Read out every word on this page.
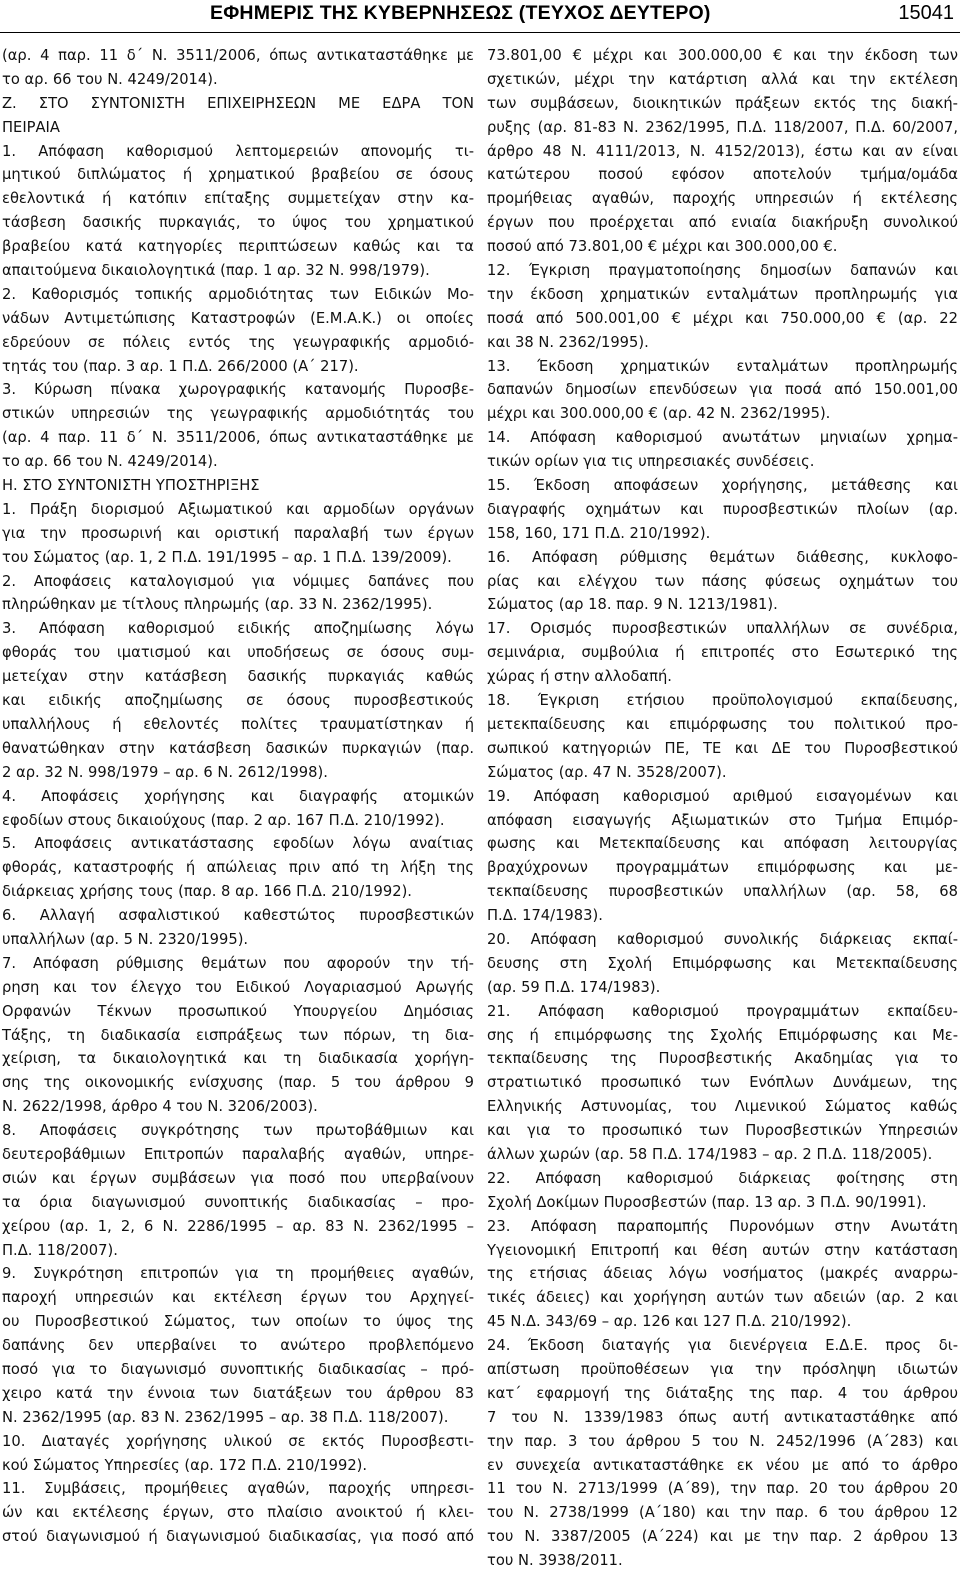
ΕΦΗΜΕΡΙΣ ΤΗΣ ΚΥΒΕΡΝΗΣΕΩΣ (ΤΕΥΧΟΣ ΔΕΥΤΕΡΟ)	15041
(αρ. 4 παρ. 11 δ΄ Ν. 3511/2006, όπως αντικαταστάθηκε με
το αρ. 66 του Ν. 4249/2014).
Ζ. ΣΤΟ ΣΥΝΤΟΝΙΣΤΗ ΕΠΙΧΕΙΡΗΣΕΩΝ ΜΕ ΕΔΡΑ ΤΟΝ
ΠΕΙΡΑΙΑ
1. Απόφαση καθορισμού λεπτομερειών απονομής τι-
μητικού διπλώματος ή χρηματικού βραβείου σε όσους
εθελοντικά ή κατόπιν επίταξης συμμετείχαν στην κα-
τάσβεση δασικής πυρκαγιάς, το ύψος του χρηματικού
βραβείου κατά κατηγορίες περιπτώσεων καθώς και τα
απαιτούμενα δικαιολογητικά (παρ. 1 αρ. 32 Ν. 998/1979).
2. Καθορισμός τοπικής αρμοδιότητας των Ειδικών Μο-
νάδων Αντιμετώπισης Καταστροφών (Ε.Μ.Α.Κ.) οι οποίες
εδρεύουν σε πόλεις εντός της γεωγραφικής αρμοδιό-
τητάς του (παρ. 3 αρ. 1 Π.Δ. 266/2000 (Α΄ 217).
3. Κύρωση πίνακα χωρογραφικής κατανομής Πυροσβε-
στικών υπηρεσιών της γεωγραφικής αρμοδιότητάς του
(αρ. 4 παρ. 11 δ΄ Ν. 3511/2006, όπως αντικαταστάθηκε με
το αρ. 66 του Ν. 4249/2014).
Η. ΣΤΟ ΣΥΝΤΟΝΙΣΤΗ ΥΠΟΣΤΗΡΙΞΗΣ
1. Πράξη διορισμού Αξιωματικού και αρμοδίων οργάνων
για την προσωρινή και οριστική παραλαβή των έργων
του Σώματος (αρ. 1, 2 Π.Δ. 191/1995 – αρ. 1 Π.Δ. 139/2009).
2. Αποφάσεις καταλογισμού για νόμιμες δαπάνες που
πληρώθηκαν με τίτλους πληρωμής (αρ. 33 Ν. 2362/1995).
3. Απόφαση καθορισμού ειδικής αποζημίωσης λόγω
φθοράς του ιματισμού και υποδήσεως σε όσους συμ-
μετείχαν στην κατάσβεση δασικής πυρκαγιάς καθώς
και ειδικής αποζημίωσης σε όσους πυροσβεστικούς
υπαλλήλους ή εθελοντές πολίτες τραυματίστηκαν ή
θανατώθηκαν στην κατάσβεση δασικών πυρκαγιών (παρ.
2 αρ. 32 Ν. 998/1979 – αρ. 6 Ν. 2612/1998).
4. Αποφάσεις χορήγησης και διαγραφής ατομικών
εφοδίων στους δικαιούχους (παρ. 2 αρ. 167 Π.Δ. 210/1992).
5. Αποφάσεις αντικατάστασης εφοδίων λόγω αναίτιας
φθοράς, καταστροφής ή απώλειας πριν από τη λήξη της
διάρκειας χρήσης τους (παρ. 8 αρ. 166 Π.Δ. 210/1992).
6. Αλλαγή ασφαλιστικού καθεστώτος πυροσβεστικών
υπαλλήλων (αρ. 5 Ν. 2320/1995).
7. Απόφαση ρύθμισης θεμάτων που αφορούν την τή-
ρηση και τον έλεγχο του Ειδικού Λογαριασμού Αρωγής
Ορφανών Τέκνων προσωπικού Υπουργείου Δημόσιας
Τάξης, τη διαδικασία εισπράξεως των πόρων, τη δια-
χείριση, τα δικαιολογητικά και τη διαδικασία χορήγη-
σης της οικονομικής ενίσχυσης (παρ. 5 του άρθρου 9
Ν. 2622/1998, άρθρο 4 του Ν. 3206/2003).
8. Αποφάσεις συγκρότησης των πρωτοβάθμιων και
δευτεροβάθμιων Επιτροπών παραλαβής αγαθών, υπηρε-
σιών και έργων συμβάσεων για ποσό που υπερβαίνουν
τα όρια διαγωνισμού συνοπτικής διαδικασίας – προ-
χείρου (αρ. 1, 2, 6 Ν. 2286/1995 – αρ. 83 Ν. 2362/1995 –
Π.Δ. 118/2007).
9. Συγκρότηση επιτροπών για τη προμήθειες αγαθών,
παροχή υπηρεσιών και εκτέλεση έργων του Αρχηγεί-
ου Πυροσβεστικού Σώματος, των οποίων το ύψος της
δαπάνης δεν υπερβαίνει το ανώτερο προβλεπόμενο
ποσό για το διαγωνισμό συνοπτικής διαδικασίας – πρό-
χειρο κατά την έννοια των διατάξεων του άρθρου 83
Ν. 2362/1995 (αρ. 83 Ν. 2362/1995 – αρ. 38 Π.Δ. 118/2007).
10. Διαταγές χορήγησης υλικού σε εκτός Πυροσβεστι-
κού Σώματος Υπηρεσίες (αρ. 172 Π.Δ. 210/1992).
11. Συμβάσεις, προμήθειες αγαθών, παροχής υπηρεσι-
ών και εκτέλεσης έργων, στο πλαίσιο ανοικτού ή κλει-
στού διαγωνισμού ή διαγωνισμού διαδικασίας, για ποσό από
73.801,00 € μέχρι και 300.000,00 € και την έκδοση των
σχετικών, μέχρι την κατάρτιση αλλά και την εκτέλεση
των συμβάσεων, διοικητικών πράξεων εκτός της διακή-
ρυξης (αρ. 81-83 Ν. 2362/1995, Π.Δ. 118/2007, Π.Δ. 60/2007,
άρθρο 48 Ν. 4111/2013, Ν. 4152/2013), έστω και αν είναι
κατώτερου ποσού εφόσον αποτελούν τμήμα/ομάδα
προμήθειας αγαθών, παροχής υπηρεσιών ή εκτέλεσης
έργων που προέρχεται από ενιαία διακήρυξη συνολικού
ποσού από 73.801,00 € μέχρι και 300.000,00 €.
12. Έγκριση πραγματοποίησης δημοσίων δαπανών και
την έκδοση χρηματικών ενταλμάτων προπληρωμής για
ποσά από 500.001,00 € μέχρι και 750.000,00 € (αρ. 22
και 38 Ν. 2362/1995).
13. Έκδοση χρηματικών ενταλμάτων προπληρωμής
δαπανών δημοσίων επενδύσεων για ποσά από 150.001,00
μέχρι και 300.000,00 € (αρ. 42 Ν. 2362/1995).
14. Απόφαση καθορισμού ανωτάτων μηνιαίων χρημα-
τικών ορίων για τις υπηρεσιακές συνδέσεις.
15. Έκδοση αποφάσεων χορήγησης, μετάθεσης και
διαγραφής οχημάτων και πυροσβεστικών πλοίων (αρ.
158, 160, 171 Π.Δ. 210/1992).
16. Απόφαση ρύθμισης θεμάτων διάθεσης, κυκλοφο-
ρίας και ελέγχου των πάσης φύσεως οχημάτων του
Σώματος (αρ 18. παρ. 9 Ν. 1213/1981).
17. Ορισμός πυροσβεστικών υπαλλήλων σε συνέδρια,
σεμινάρια, συμβούλια ή επιτροπές στο Εσωτερικό της
χώρας ή στην αλλοδαπή.
18. Έγκριση ετήσιου προϋπολογισμού εκπαίδευσης,
μετεκπαίδευσης και επιμόρφωσης του πολιτικού προ-
σωπικού κατηγοριών ΠΕ, ΤΕ και ΔΕ του Πυροσβεστικού
Σώματος (αρ. 47 Ν. 3528/2007).
19. Απόφαση καθορισμού αριθμού εισαγομένων και
απόφαση εισαγωγής Αξιωματικών στο Τμήμα Επιμόρ-
φωσης και Μετεκπαίδευσης και απόφαση λειτουργίας
βραχύχρονων προγραμμάτων επιμόρφωσης και με-
τεκπαίδευσης πυροσβεστικών υπαλλήλων (αρ. 58, 68
Π.Δ. 174/1983).
20. Απόφαση καθορισμού συνολικής διάρκειας εκπαί-
δευσης στη Σχολή Επιμόρφωσης και Μετεκπαίδευσης
(αρ. 59 Π.Δ. 174/1983).
21. Απόφαση καθορισμού προγραμμάτων εκπαίδευ-
σης ή επιμόρφωσης της Σχολής Επιμόρφωσης και Με-
τεκπαίδευσης της Πυροσβεστικής Ακαδημίας για το
στρατιωτικό προσωπικό των Ενόπλων Δυνάμεων, της
Ελληνικής Αστυνομίας, του Λιμενικού Σώματος καθώς
και για το προσωπικό των Πυροσβεστικών Υπηρεσιών
άλλων χωρών (αρ. 58 Π.Δ. 174/1983 – αρ. 2 Π.Δ. 118/2005).
22. Απόφαση καθορισμού διάρκειας φοίτησης στη
Σχολή Δοκίμων Πυροσβεστών (παρ. 13 αρ. 3 Π.Δ. 90/1991).
23. Απόφαση παραπομπής Πυρονόμων στην Ανωτάτη
Υγειονομική Επιτροπή και θέση αυτών στην κατάσταση
της ετήσιας άδειας λόγω νοσήματος (μακρές αναρρω-
τικές άδειες) και χορήγηση αυτών των αδειών (αρ. 2 και
45 Ν.Δ. 343/69 – αρ. 126 και 127 Π.Δ. 210/1992).
24. Έκδοση διαταγής για διενέργεια Ε.Δ.Ε. προς δι-
απίστωση προϋποθέσεων για την πρόσληψη ιδιωτών
κατ΄ εφαρμογή της διάταξης της παρ. 4 του άρθρου
7 του Ν. 1339/1983 όπως αυτή αντικαταστάθηκε από
την παρ. 3 του άρθρου 5 του Ν. 2452/1996 (Α΄283) και
εν συνεχεία αντικαταστάθηκε εκ νέου με από το άρθρο
11 του Ν. 2713/1999 (Α΄89), την παρ. 20 του άρθρου 20
του Ν. 2738/1999 (Α΄180) και την παρ. 6 του άρθρου 12
του Ν. 3387/2005 (Α΄224) και με την παρ. 2 άρθρου 13
του Ν. 3938/2011.
